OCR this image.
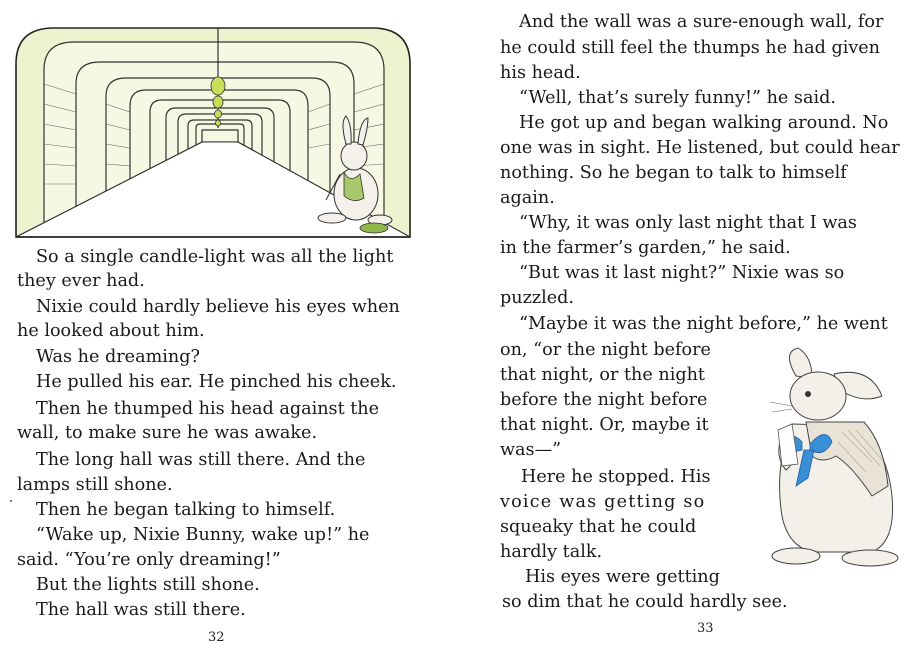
So a single candle-light was all the light
they ever had.
Nixie could hardly believe his eyes when
he looked about him.
Was he dreaming?
He pulled his ear. He pinched his cheek.
Then he thumped his head against the
wall, to make sure he was awake.
The long hall was still there. And the
lamps still shone.
Then he began talking to himself.
“Wake up, Nixie Bunny, wake up!” he
said. “You’re only dreaming!”
But the lights still shone.
The hall was still there.
32
And the wall was a sure-enough wall, for
he could still feel the thumps he had given
his head.
“Well, that’s surely funny!” he said.
He got up and began walking around. No
one was in sight. He listened, but could hear
nothing. So he began to talk to himself
again.
“Why, it was only last night that I was
in the farmer’s garden,” he said.
“But was it last night?” Nixie was so
puzzled.
“Maybe it was the night before,” he went
on, “or the night before
that night, or the night
before the night before
that night. Or, maybe it
was—”
Here he stopped. His
voice was getting so
squeaky that he could
hardly talk.
His eyes were getting
so dim that he could hardly see.
33
